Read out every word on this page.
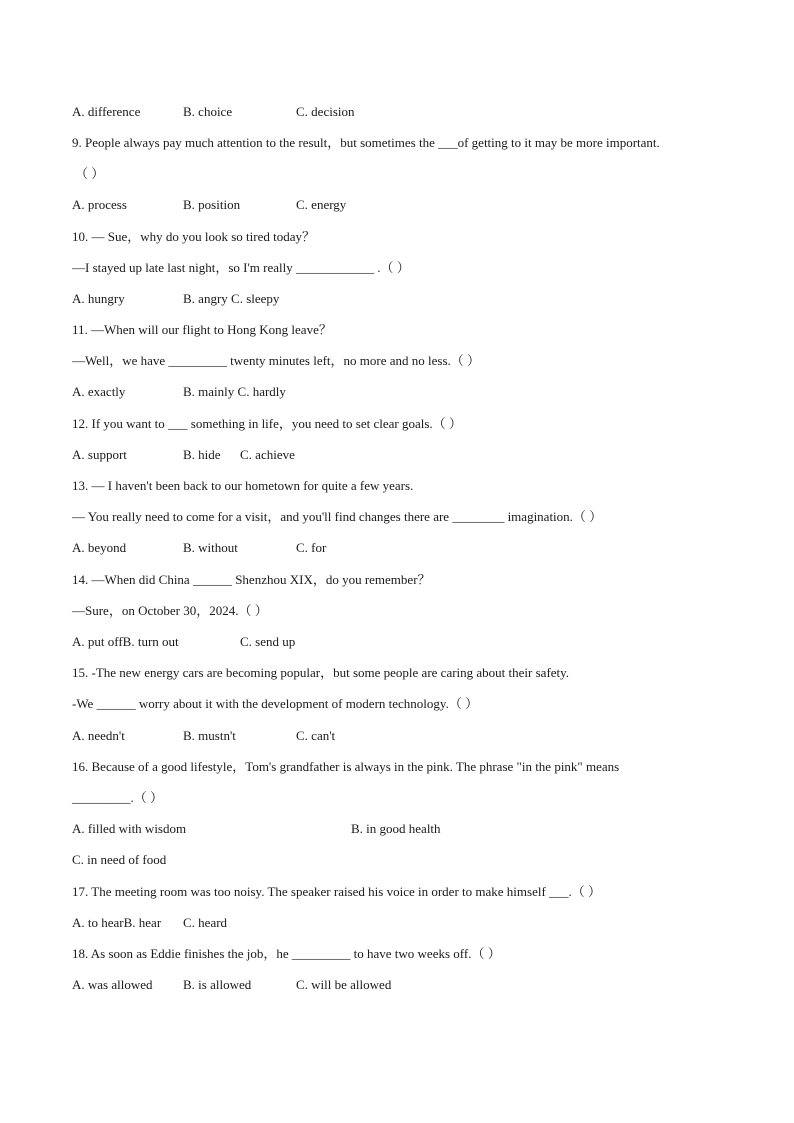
A. difference	B. choice	C. decision
9. People always pay much attention to the result，but sometimes the ___of getting to it may be more important.
（ ）
A. process	B. position	C. energy
10. — Sue，why do you look so tired today？
—I stayed up late last night，so I'm really ____________ .（ ）
A. hungry	B. angry C. sleepy
11. —When will our flight to Hong Kong leave？
—Well，we have _________ twenty minutes left，no more and no less.（ ）
A. exactly	B. mainly C. hardly
12. If you want to ___ something in life，you need to set clear goals.（ ）
A. support	B. hide C. achieve
13. — I haven't been back to our hometown for quite a few years.
— You really need to come for a visit，and you'll find changes there are ________ imagination.（ ）
A. beyond	B. without	C. for
14. —When did China ______ Shenzhou XIX，do you remember？
—Sure，on October 30，2024.（ ）
A. put offB. turn out	C. send up
15. -The new energy cars are becoming popular，but some people are caring about their safety.
-We ______ worry about it with the development of modern technology.（ ）
A. needn't	B. mustn't	C. can't
16. Because of a good lifestyle，Tom's grandfather is always in the pink. The phrase "in the pink" means
_________.（ ）
A. filled with wisdom	B. in good health
C. in need of food
17. The meeting room was too noisy. The speaker raised his voice in order to make himself ___.（ ）
A. to hearB. hear C. heard
18. As soon as Eddie finishes the job，he _________ to have two weeks off.（ ）
A. was allowed B. is allowed	C. will be allowed
